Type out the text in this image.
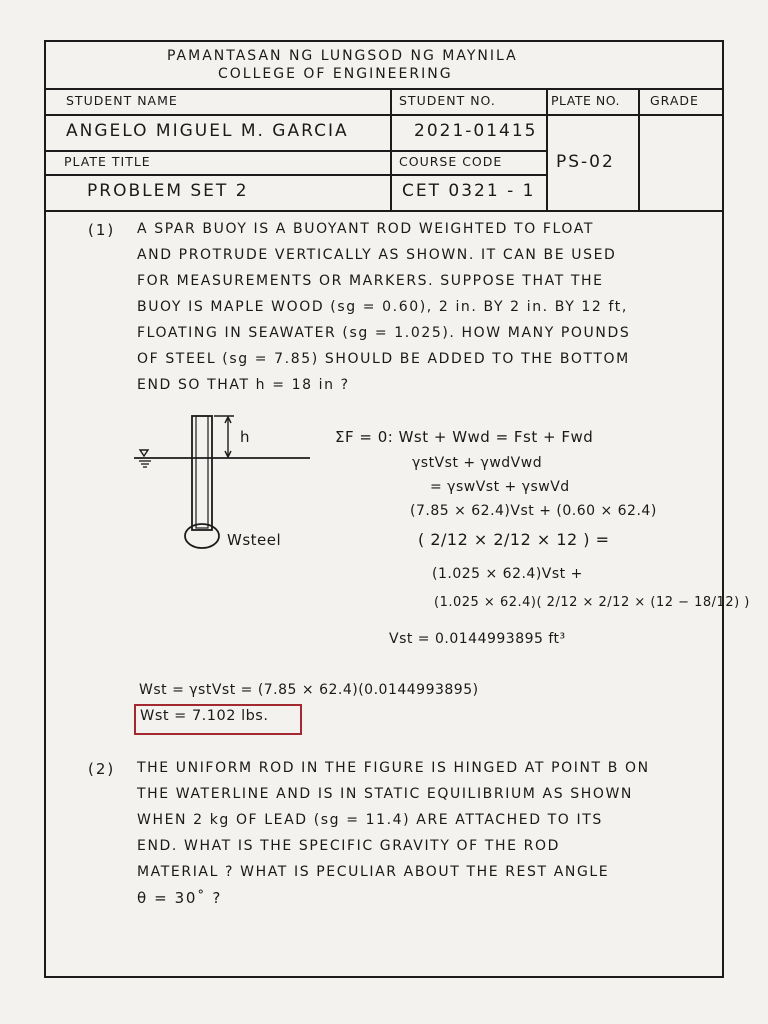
PAMANTASAN NG LUNGSOD NG MAYNILA
COLLEGE OF ENGINEERING
STUDENT NAME	STUDENT NO.	PLATE NO. GRADE
ANGELO MIGUEL M. GARCIA	2021-01415
PLATE TITLE	COURSE CODE	PS-02
PROBLEM SET 2	CET 0321 - 1
(1) A SPAR BUOY IS A BUOYANT ROD WEIGHTED TO FLOAT
AND PROTRUDE VERTICALLY AS SHOWN. IT CAN BE USED
FOR MEASUREMENTS OR MARKERS. SUPPOSE THAT THE
BUOY IS MAPLE WOOD (sg = 0.60), 2 in. BY 2 in. BY 12 ft,
FLOATING IN SEAWATER (sg = 1.025). HOW MANY POUNDS
OF STEEL (sg = 7.85) SHOULD BE ADDED TO THE BOTTOM
END SO THAT h = 18 in ?
h
Wsteel
ΣF = 0: Wst + Wwd = Fst + Fwd
γstVst + γwdVwd
= γswVst + γswVd
(7.85 × 62.4)Vst + (0.60 × 62.4)
( 2/12 × 2/12 × 12 ) =
(1.025 × 62.4)Vst +
(1.025 × 62.4)( 2/12 × 2/12 × (12 − 18/12) )
Vst = 0.0144993895 ft³
Wst = γstVst = (7.85 × 62.4)(0.0144993895)
Wst = 7.102 lbs.
(2) THE UNIFORM ROD IN THE FIGURE IS HINGED AT POINT B ON
THE WATERLINE AND IS IN STATIC EQUILIBRIUM AS SHOWN
WHEN 2 kg OF LEAD (sg = 11.4) ARE ATTACHED TO ITS
END. WHAT IS THE SPECIFIC GRAVITY OF THE ROD
MATERIAL ? WHAT IS PECULIAR ABOUT THE REST ANGLE
θ = 30˚ ?
